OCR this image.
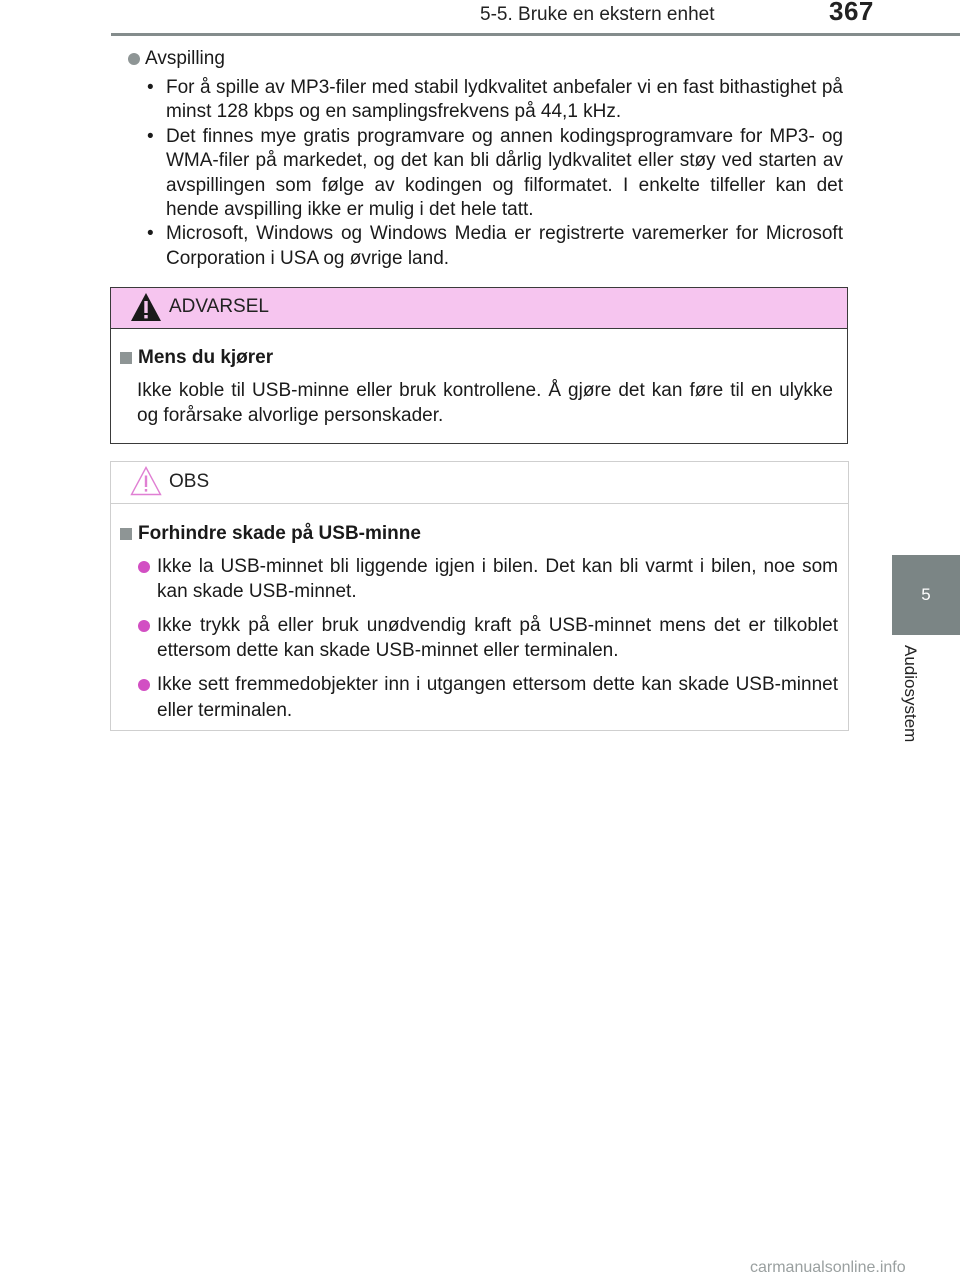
5-5. Bruke en ekstern enhet	367
5
Audiosystem
Avspilling
• For å spille av MP3-filer med stabil lydkvalitet anbefaler vi en fast bithastighet på minst 128 kbps og en samplingsfrekvens på 44,1 kHz.
• Det finnes mye gratis programvare og annen kodingsprogramvare for MP3- og WMA-filer på markedet, og det kan bli dårlig lydkvalitet eller støy ved starten av avspillingen som følge av kodingen og filformatet. I enkelte tilfeller kan det hende avspilling ikke er mulig i det hele tatt.
• Microsoft, Windows og Windows Media er registrerte varemerker for Microsoft Corporation i USA og øvrige land.
ADVARSEL
Mens du kjører
Ikke koble til USB-minne eller bruk kontrollene. Å gjøre det kan føre til en ulykke og forårsake alvorlige personskader.
OBS
Forhindre skade på USB-minne
Ikke la USB-minnet bli liggende igjen i bilen. Det kan bli varmt i bilen, noe som kan skade USB-minnet.
Ikke trykk på eller bruk unødvendig kraft på USB-minnet mens det er tilkoblet ettersom dette kan skade USB-minnet eller terminalen.
Ikke sett fremmedobjekter inn i utgangen ettersom dette kan skade USB-minnet eller terminalen.
carmanualsonline.info
